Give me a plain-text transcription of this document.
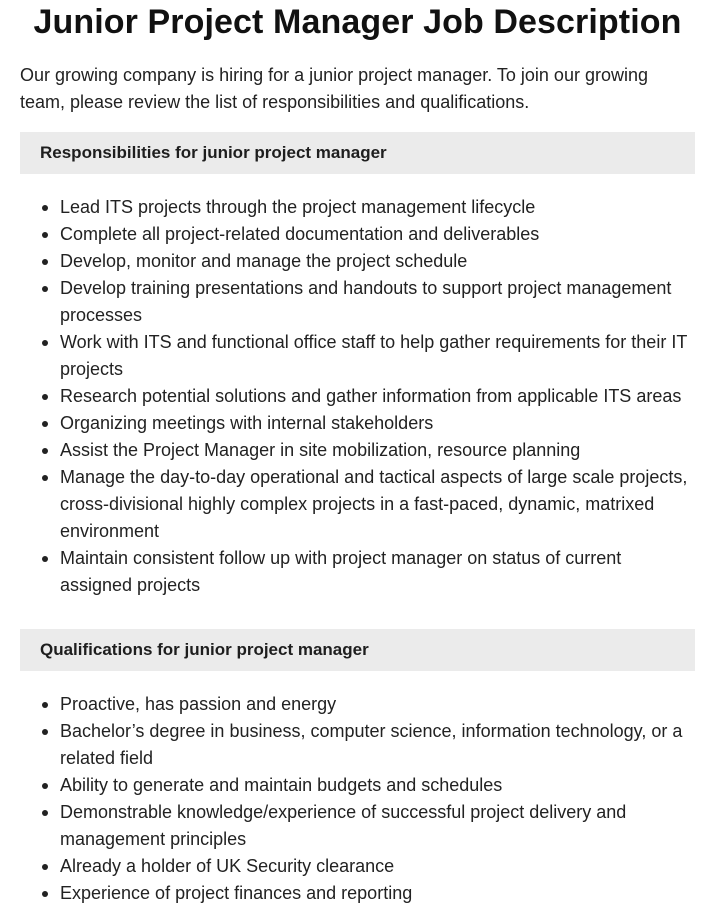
Junior Project Manager Job Description

Our growing company is hiring for a junior project manager. To join our growing team, please review the list of responsibilities and qualifications.

Responsibilities for junior project manager
Lead ITS projects through the project management lifecycle
Complete all project-related documentation and deliverables
Develop, monitor and manage the project schedule
Develop training presentations and handouts to support project management processes
Work with ITS and functional office staff to help gather requirements for their IT projects
Research potential solutions and gather information from applicable ITS areas
Organizing meetings with internal stakeholders
Assist the Project Manager in site mobilization, resource planning
Manage the day-to-day operational and tactical aspects of large scale projects, cross-divisional highly complex projects in a fast-paced, dynamic, matrixed environment
Maintain consistent follow up with project manager on status of current assigned projects
Qualifications for junior project manager
Proactive, has passion and energy
Bachelor’s degree in business, computer science, information technology, or a related field
Ability to generate and maintain budgets and schedules
Demonstrable knowledge/experience of successful project delivery and management principles
Already a holder of UK Security clearance
Experience of project finances and reporting
